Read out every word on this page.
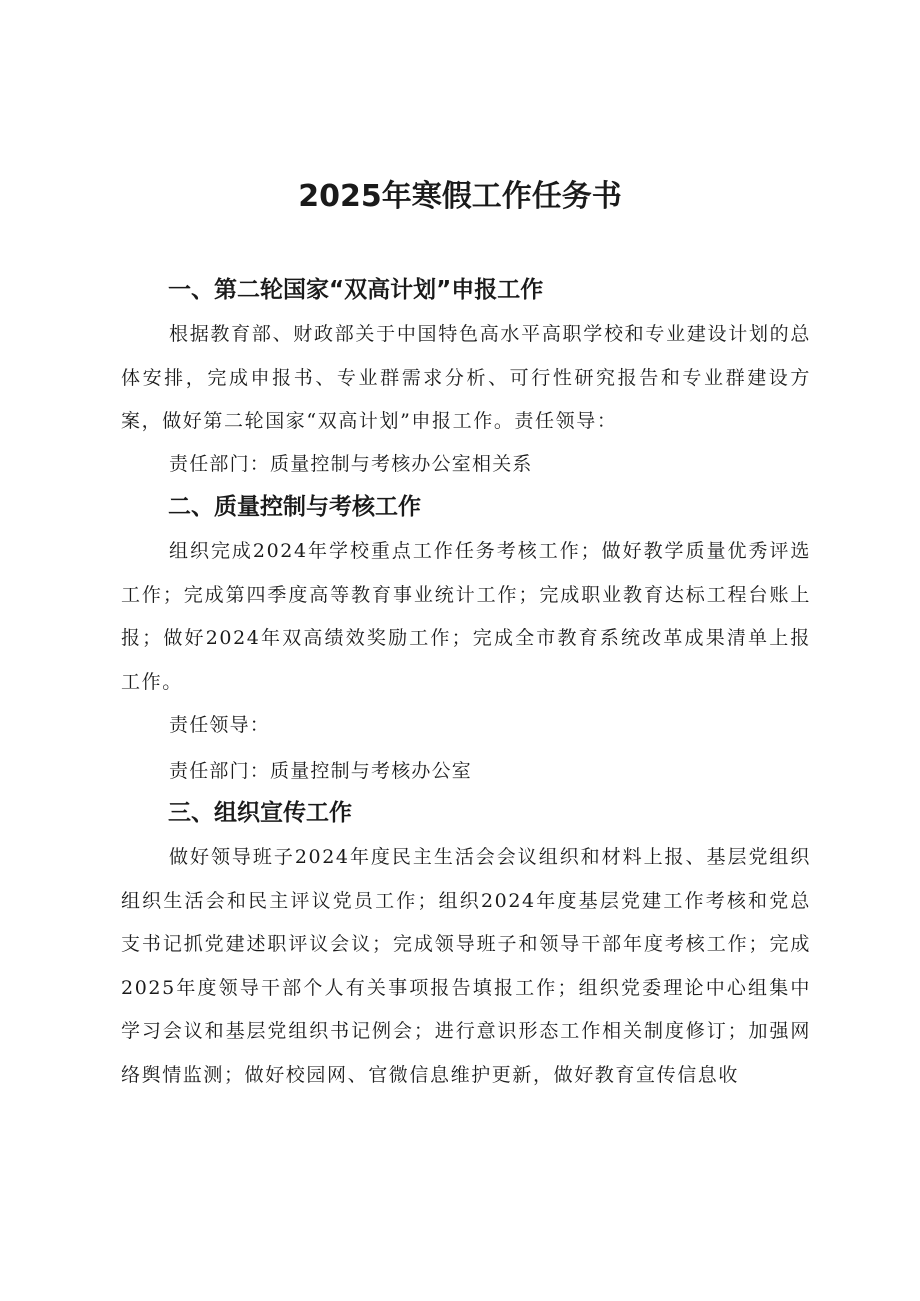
2025年寒假工作任务书
一、第二轮国家“双高计划”申报工作

根据教育部、财政部关于中国特色高水平高职学校和专业建设计划的总体安排，完成申报书、专业群需求分析、可行性研究报告和专业群建设方案，做好第二轮国家“双高计划”申报工作。责任领导：

责任部门：质量控制与考核办公室相关系

二、质量控制与考核工作

组织完成2024年学校重点工作任务考核工作；做好教学质量优秀评选工作；完成第四季度高等教育事业统计工作；完成职业教育达标工程台账上报；做好2024年双高绩效奖励工作；完成全市教育系统改革成果清单上报工作。

责任领导：

责任部门：质量控制与考核办公室

三、组织宣传工作

做好领导班子2024年度民主生活会会议组织和材料上报、基层党组织组织生活会和民主评议党员工作；组织2024年度基层党建工作考核和党总支书记抓党建述职评议会议；完成领导班子和领导干部年度考核工作；完成2025年度领导干部个人有关事项报告填报工作；组织党委理论中心组集中学习会议和基层党组织书记例会；进行意识形态工作相关制度修订；加强网络舆情监测；做好校园网、官微信息维护更新，做好教育宣传信息收
